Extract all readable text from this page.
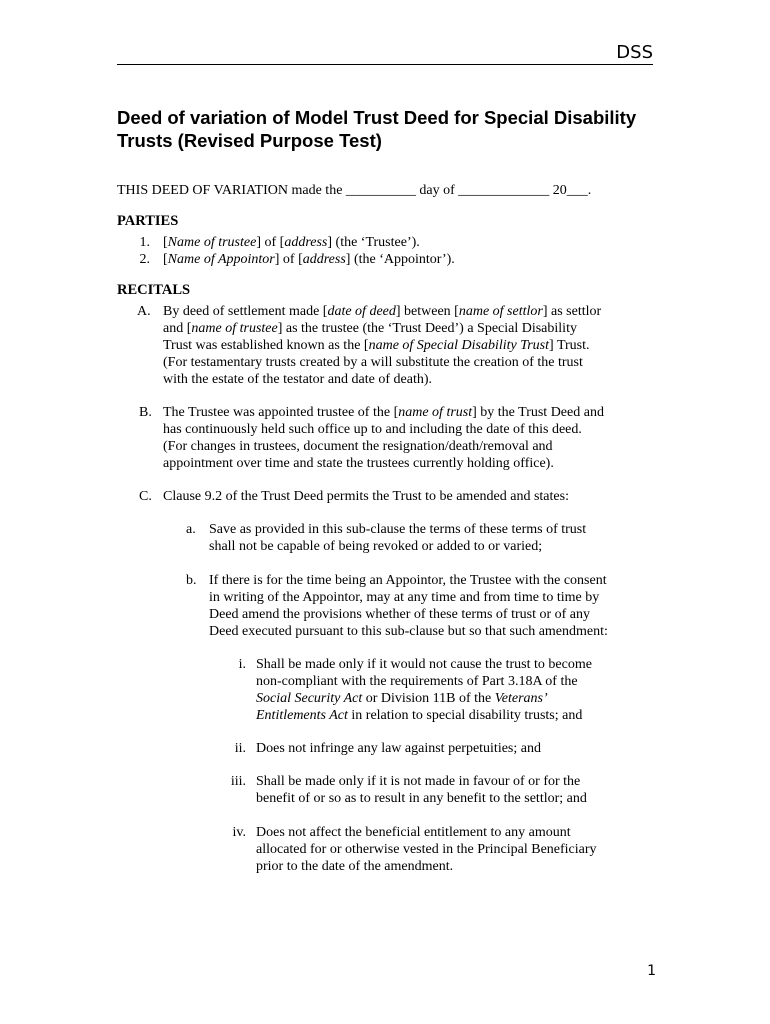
DSS
Deed of variation of Model Trust Deed for Special Disability Trusts (Revised Purpose Test)
THIS DEED OF VARIATION made the __________ day of _____________ 20___.
PARTIES
1. [Name of trustee] of [address] (the ‘Trustee’).
2. [Name of Appointor] of [address] (the ‘Appointor’).
RECITALS
A. By deed of settlement made [date of deed] between [name of settlor] as settlor
and [name of trustee] as the trustee (the ‘Trust Deed’) a Special Disability
Trust was established known as the [name of Special Disability Trust] Trust.
(For testamentary trusts created by a will substitute the creation of the trust
with the estate of the testator and date of death).
B. The Trustee was appointed trustee of the [name of trust] by the Trust Deed and
has continuously held such office up to and including the date of this deed.
(For changes in trustees, document the resignation/death/removal and
appointment over time and state the trustees currently holding office).
C. Clause 9.2 of the Trust Deed permits the Trust to be amended and states:
a. Save as provided in this sub-clause the terms of these terms of trust
shall not be capable of being revoked or added to or varied;
b. If there is for the time being an Appointor, the Trustee with the consent
in writing of the Appointor, may at any time and from time to time by
Deed amend the provisions whether of these terms of trust or of any
Deed executed pursuant to this sub-clause but so that such amendment:
i. Shall be made only if it would not cause the trust to become
non-compliant with the requirements of Part 3.18A of the
Social Security Act or Division 11B of the Veterans’
Entitlements Act in relation to special disability trusts; and
ii. Does not infringe any law against perpetuities; and
iii. Shall be made only if it is not made in favour of or for the
benefit of or so as to result in any benefit to the settlor; and
iv. Does not affect the beneficial entitlement to any amount
allocated for or otherwise vested in the Principal Beneficiary
prior to the date of the amendment.
1
